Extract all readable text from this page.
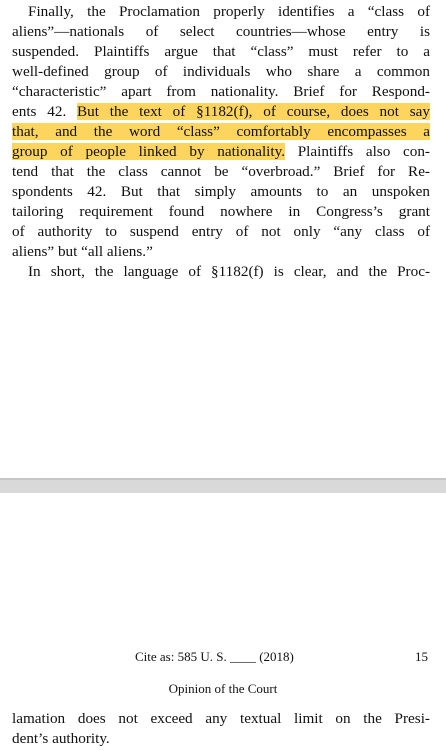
Finally, the Proclamation properly identifies a “class of
aliens”—nationals of select countries—whose entry is
suspended. Plaintiffs argue that “class” must refer to a
well-defined group of individuals who share a common
“characteristic” apart from nationality. Brief for Respond-
ents 42. But the text of §1182(f), of course, does not say
that, and the word “class” comfortably encompasses a
group of people linked by nationality. Plaintiffs also con-
tend that the class cannot be “overbroad.” Brief for Re-
spondents 42. But that simply amounts to an unspoken
tailoring requirement found nowhere in Congress’s grant
of authority to suspend entry of not only “any class of
aliens” but “all aliens.”
In short, the language of §1182(f) is clear, and the Proc-
Cite as: 585 U. S. ____ (2018)	15
Opinion of the Court
lamation does not exceed any textual limit on the Presi-
dent’s authority.
